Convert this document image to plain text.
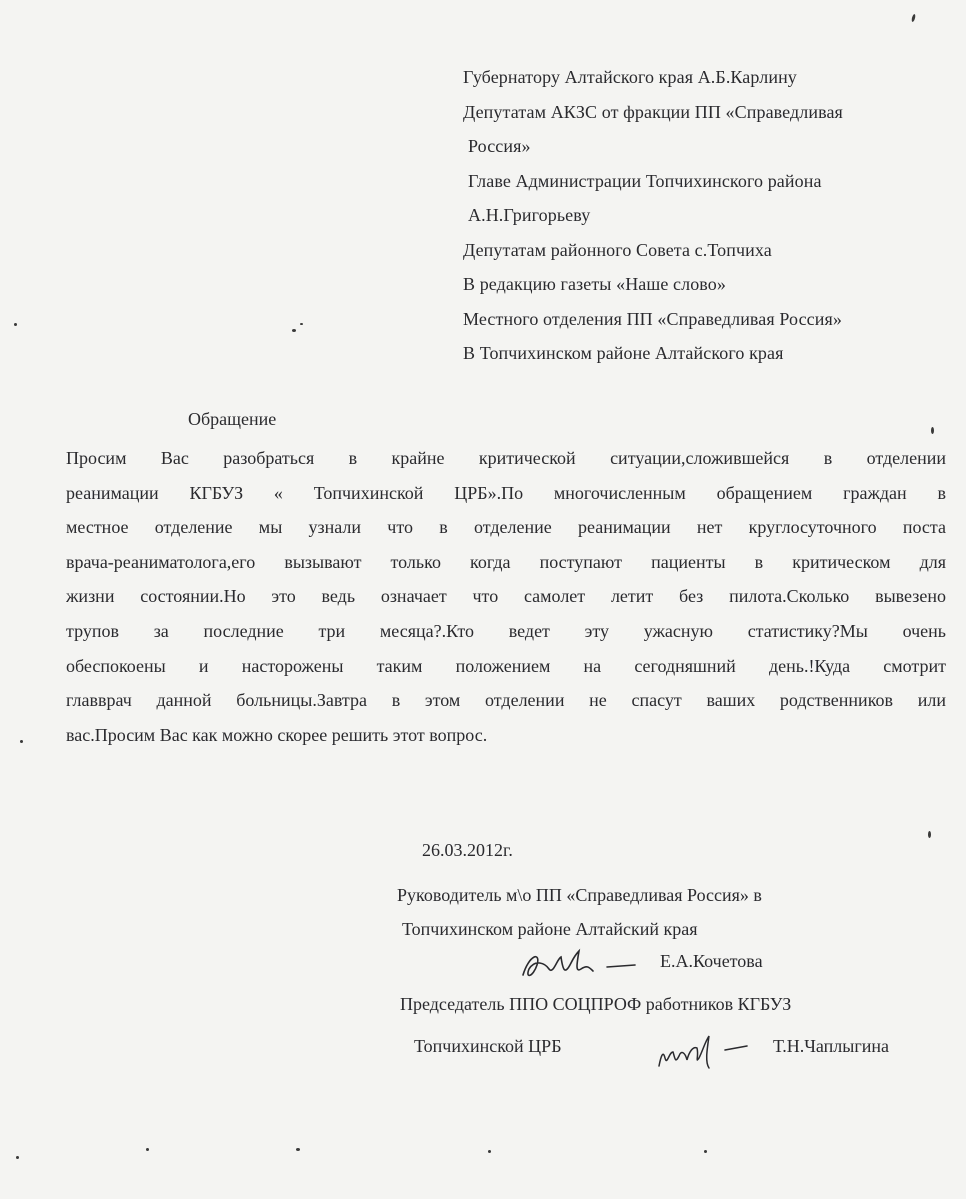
Губернатору Алтайского края А.Б.Карлину
Депутатам АКЗС от фракции ПП «Справедливая
Россия»
Главе Администрации Топчихинского района
А.Н.Григорьеву
Депутатам районного Совета с.Топчиха
В редакцию газеты «Наше слово»
Местного отделения ПП «Справедливая Россия»
В Топчихинском районе Алтайского края
Обращение
Просим Вас разобраться в крайне критической ситуации,сложившейся в отделении
реанимации КГБУЗ « Топчихинской ЦРБ».По многочисленным обращением граждан в
местное отделение мы узнали что в отделение реанимации нет круглосуточного поста
врача-реаниматолога,его вызывают только когда поступают пациенты в критическом для
жизни состоянии.Но это ведь означает что самолет летит без пилота.Сколько вывезено
трупов за последние три месяца?.Кто ведет эту ужасную статистику?Мы очень
обеспокоены и насторожены таким положением на сегодняшний день.!Куда смотрит
главврач данной больницы.Завтра в этом отделении не спасут ваших родственников или
вас.Просим Вас как можно скорее решить этот вопрос.
26.03.2012г.
Руководитель м\о ПП «Справедливая Россия» в
Топчихинском районе Алтайский края
Е.А.Кочетова
Председатель ППО СОЦПРОФ работников КГБУЗ
Топчихинской ЦРБ	Т.Н.Чаплыгина
